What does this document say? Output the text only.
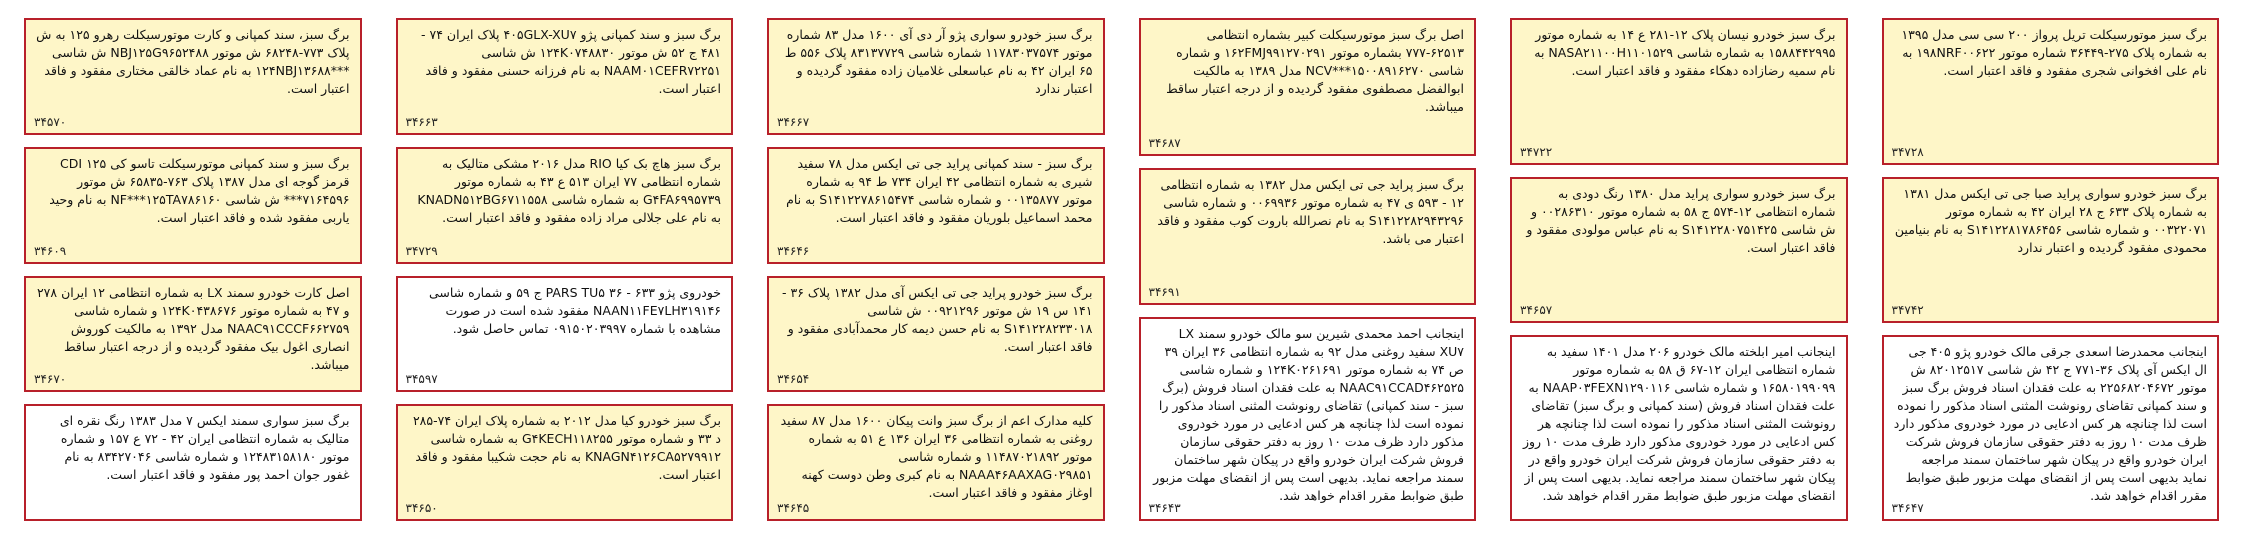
برگ سبز موتورسیکلت تریل پرواز ۲۰۰ سی سی مدل ۱۳۹۵ به شماره پلاک ۲۷۵-۳۶۴۴۹ شماره موتور ۱۹۸NRF۰۰۶۲۲ به نام علی افخوانی شجری مفقود و فاقد اعتبار است.
۳۴۷۲۸
برگ سبز خودرو سواری پراید صبا جی تی ایکس مدل ۱۳۸۱ به شماره پلاک ۶۳۳ ج ۲۸ ایران ۴۲ به شماره موتور ۰۰۳۲۲۰۷۱ و شماره شاسی S۱۴۱۲۲۸۱۷۸۶۴۵۶ به نام بنیامین محمودی مفقود گردیده و اعتبار ندارد
۳۴۷۴۲
اینجانب محمدرضا اسعدی جرقی مالک خودرو پژو ۴۰۵ جی ال ایکس آی پلاک ۳۶-۷۷۱ ج ۴۲ ش شاسی ۸۲۰۱۲۵۱۷ ش موتور ۲۲۵۶۸۲۰۴۶۷۲ به علت فقدان اسناد فروش برگ سبز و سند کمپانی تقاضای رونوشت المثنی اسناد مذکور را نموده است لذا چنانچه هر کس ادعایی در مورد خودروی مذکور دارد ظرف مدت ۱۰ روز به دفتر حقوقی سازمان فروش شرکت ایران خودرو واقع در پیکان شهر ساختمان سمند مراجعه نماید بدیهی است پس از انقضای مهلت مزبور طبق ضوابط مقرر اقدام خواهد شد.
۳۴۶۴۷
برگ سبز خودرو نیسان پلاک ۱۲-۲۸۱ ع ۱۴ به شماره موتور ۱۵۸۸۴۴۲۹۹۵ به شماره شاسی NASA۲۱۱۰۰H۱۱۰۱۵۲۹ به نام سمیه رضازاده دهکاء مفقود و فاقد اعتبار است.
۳۴۷۲۲
برگ سبز خودرو سواری پراید مدل ۱۳۸۰ رنگ دودی به شماره انتظامی ۱۲-۵۷۴ ج ۵۸ به شماره موتور ۰۰۲۸۶۳۱۰ و ش شاسی S۱۴۱۲۲۸۰۷۵۱۴۲۵ به نام عباس مولودی مفقود و فاقد اعتبار است.
۳۴۶۵۷
اینجانب امیر ابلخته مالک خودرو ۲۰۶ مدل ۱۴۰۱ سفید به شماره انتظامی ایران ۱۲-۶۷ ق ۵۸ به شماره موتور ۱۶۵۸۰۱۹۹۰۹۹ و شماره شاسی NAAP۰۳FEXN۱۲۹۰۱۱۶ به علت فقدان اسناد فروش (سند کمپانی و برگ سبز) تقاضای رونوشت المثنی اسناد مذکور را نموده است لذا چنانچه هر کس ادعایی در مورد خودروی مذکور دارد ظرف مدت ۱۰ روز به دفتر حقوقی سازمان فروش شرکت ایران خودرو واقع در پیکان شهر ساختمان سمند مراجعه نماید. بدیهی است پس از انقضای مهلت مزبور طبق ضوابط مقرر اقدام خواهد شد.
اصل برگ سبز موتورسیکلت کبیر بشماره انتظامی ۶۲۵۱۳-۷۷۷ بشماره موتور ۱۶۲FMJ۹۹۱۲۷۰۲۹۱ و شماره شاسی NCV***۱۵۰۰۸۹۱۶۲۷۰ مدل ۱۳۸۹ به مالکیت ابوالفضل مصطفوی مفقود گردیده و از درجه اعتبار ساقط میباشد.
۳۴۶۸۷
برگ سبز پراید جی تی ایکس مدل ۱۳۸۲ به شماره انتظامی ۱۲ - ۵۹۳ ی ۴۷ به شماره موتور ۰۰۶۹۹۳۶ و شماره شاسی S۱۴۱۲۲۸۲۹۴۳۲۹۶ به نام نصرالله باروت کوب مفقود و فاقد اعتبار می باشد.
۳۴۶۹۱
اینجانب احمد محمدی شیرین سو مالک خودرو سمند LX XU۷ سفید روغنی مدل ۹۲ به شماره انتظامی ۳۶ ایران ۳۹ ص ۷۴ به شماره موتور ۱۲۴K۰۲۶۱۶۹۱ و شماره شاسی NAAC۹۱CCAD۴۶۲۵۲۵ به علت فقدان اسناد فروش (برگ سبز - سند کمپانی) تقاضای رونوشت المثنی اسناد مذکور را نموده است لذا چنانچه هر کس ادعایی در مورد خودروی مذکور دارد ظرف مدت ۱۰ روز به دفتر حقوقی سازمان فروش شرکت ایران خودرو واقع در پیکان شهر ساختمان سمند مراجعه نماید. بدیهی است پس از انقضای مهلت مزبور طبق ضوابط مقرر اقدام خواهد شد.
۳۴۶۴۳
برگ سبز خودرو سواری پژو آر دی آی ۱۶۰۰ مدل ۸۳ شماره موتور ۱۱۷۸۳۰۳۷۵۷۴ شماره شاسی ۸۳۱۳۷۷۲۹ پلاک ۵۵۶ ط ۶۵ ایران ۴۲ به نام عباسعلی غلامیان زاده مفقود گردیده و اعتبار ندارد
۳۴۶۶۷
برگ سبز - سند کمپانی پراید جی تی ایکس مدل ۷۸ سفید شیری به شماره انتظامی ۴۲ ایران ۷۳۴ ط ۹۴ به شماره موتور ۰۰۱۳۵۸۷۷ و شماره شاسی S۱۴۱۲۲۷۸۶۱۵۴۷۴ به نام محمد اسماعیل بلوریان مفقود و فاقد اعتبار است.
۳۴۶۴۶
برگ سبز خودرو پراید جی تی ایکس آی مدل ۱۳۸۲ پلاک ۳۶ - ۱۴۱ س ۱۹ ش موتور ۰۰۹۲۱۲۹۶ ش شاسی S۱۴۱۲۲۸۲۳۳۰۱۸ به نام حسن دیمه کار محمدآبادی مفقود و فاقد اعتبار است.
۳۴۶۵۴
کلیه مدارک اعم از برگ سبز وانت پیکان ۱۶۰۰ مدل ۸۷ سفید روغنی به شماره انتظامی ۳۶ ایران ۱۳۶ ع ۵۱ به شماره موتور ۱۱۴۸۷۰۲۱۸۹۲ و شماره شاسی NAAA۴۶AAXAG۰۲۹۸۵۱ به نام کبری وطن دوست کهنه اوغاز مفقود و فاقد اعتبار است.
۳۴۶۴۵
برگ سبز و سند کمپانی پژو ۴۰۵GLX-XU۷ پلاک ایران ۷۴ - ۴۸۱ ج ۵۲ ش موتور ۱۲۴K۰۷۴۸۸۳۰ ش شاسی NAAM۰۱CEFR۷۲۲۵۱ به نام فرزانه حسنی مفقود و فاقد اعتبار است.
۳۴۶۶۳
برگ سبز هاچ بک کیا RIO مدل ۲۰۱۶ مشکی متالیک به شماره انتظامی ۷۷ ایران ۵۱۳ ع ۴۳ به شماره موتور G۴FA۶۹۹۵۷۳۹ به شماره شاسی KNADN۵۱۲BG۶۷۱۱۵۵۸ به نام علی جلالی مراد زاده مفقود و فاقد اعتبار است.
۳۴۷۲۹
خودروی پژو PARS TU۵ ۳۶ - ۶۳۳ ج ۵۹ و شماره شاسی NAAN۱۱FE۷LH۳۱۹۱۴۶ مفقود شده است در صورت مشاهده با شماره ۰۹۱۵۰۲۰۳۹۹۷ تماس حاصل شود.
۳۴۵۹۷
برگ سبز خودرو کیا مدل ۲۰۱۲ به شماره پلاک ایران ۷۴-۲۸۵ د ۳۳ و شماره موتور G۴KECH۱۱۸۲۵۵ به شماره شاسی KNAGN۴۱۲۶CA۵۲۷۹۹۱۲ به نام حجت شکیبا مفقود و فاقد اعتبار است.
۳۴۶۵۰
برگ سبز، سند کمپانی و کارت موتورسیکلت رهرو ۱۲۵ به ش پلاک ۷۷۳-۶۸۲۴۸ ش موتور NBJ۱۲۵G۹۶۵۲۴۸۸ ش شاسی ***۱۲۴NBJ۱۳۶۸۸ به نام عماد خالقی مختاری مفقود و فاقد اعتبار است.
۳۴۵۷۰
برگ سبز و سند کمپانی موتورسیکلت تاسو کی ۱۲۵ CDI قرمز گوجه ای مدل ۱۳۸۷ پلاک ۷۶۳-۶۵۸۳۵ ش موتور ۷۱۶۴۵۹۶*** ش شاسی NF***۱۲۵TA۷۸۶۱۶۰ به نام وحید یاربی مفقود شده و فاقد اعتبار است.
۳۴۶۰۹
اصل کارت خودرو سمند LX به شماره انتظامی ۱۲ ایران ۲۷۸ و ۴۷ به شماره موتور ۱۲۴K۰۴۳۸۶۷۶ و شماره شاسی NAAC۹۱CCCF۶۶۲۷۵۹ مدل ۱۳۹۲ به مالکیت کوروش انصاری اغول بیک مفقود گردیده و از درجه اعتبار ساقط میباشد.
۳۴۶۷۰
برگ سبز سواری سمند ایکس ۷ مدل ۱۳۸۳ رنگ نقره ای متالیک به شماره انتظامی ایران ۴۲ - ۷۲ ع ۱۵۷ و شماره موتور ۱۲۴۸۳۱۵۸۱۸۰ و شماره شاسی ۸۳۴۲۷۰۴۶ به نام غفور جوان احمد پور مفقود و فاقد اعتبار است.
